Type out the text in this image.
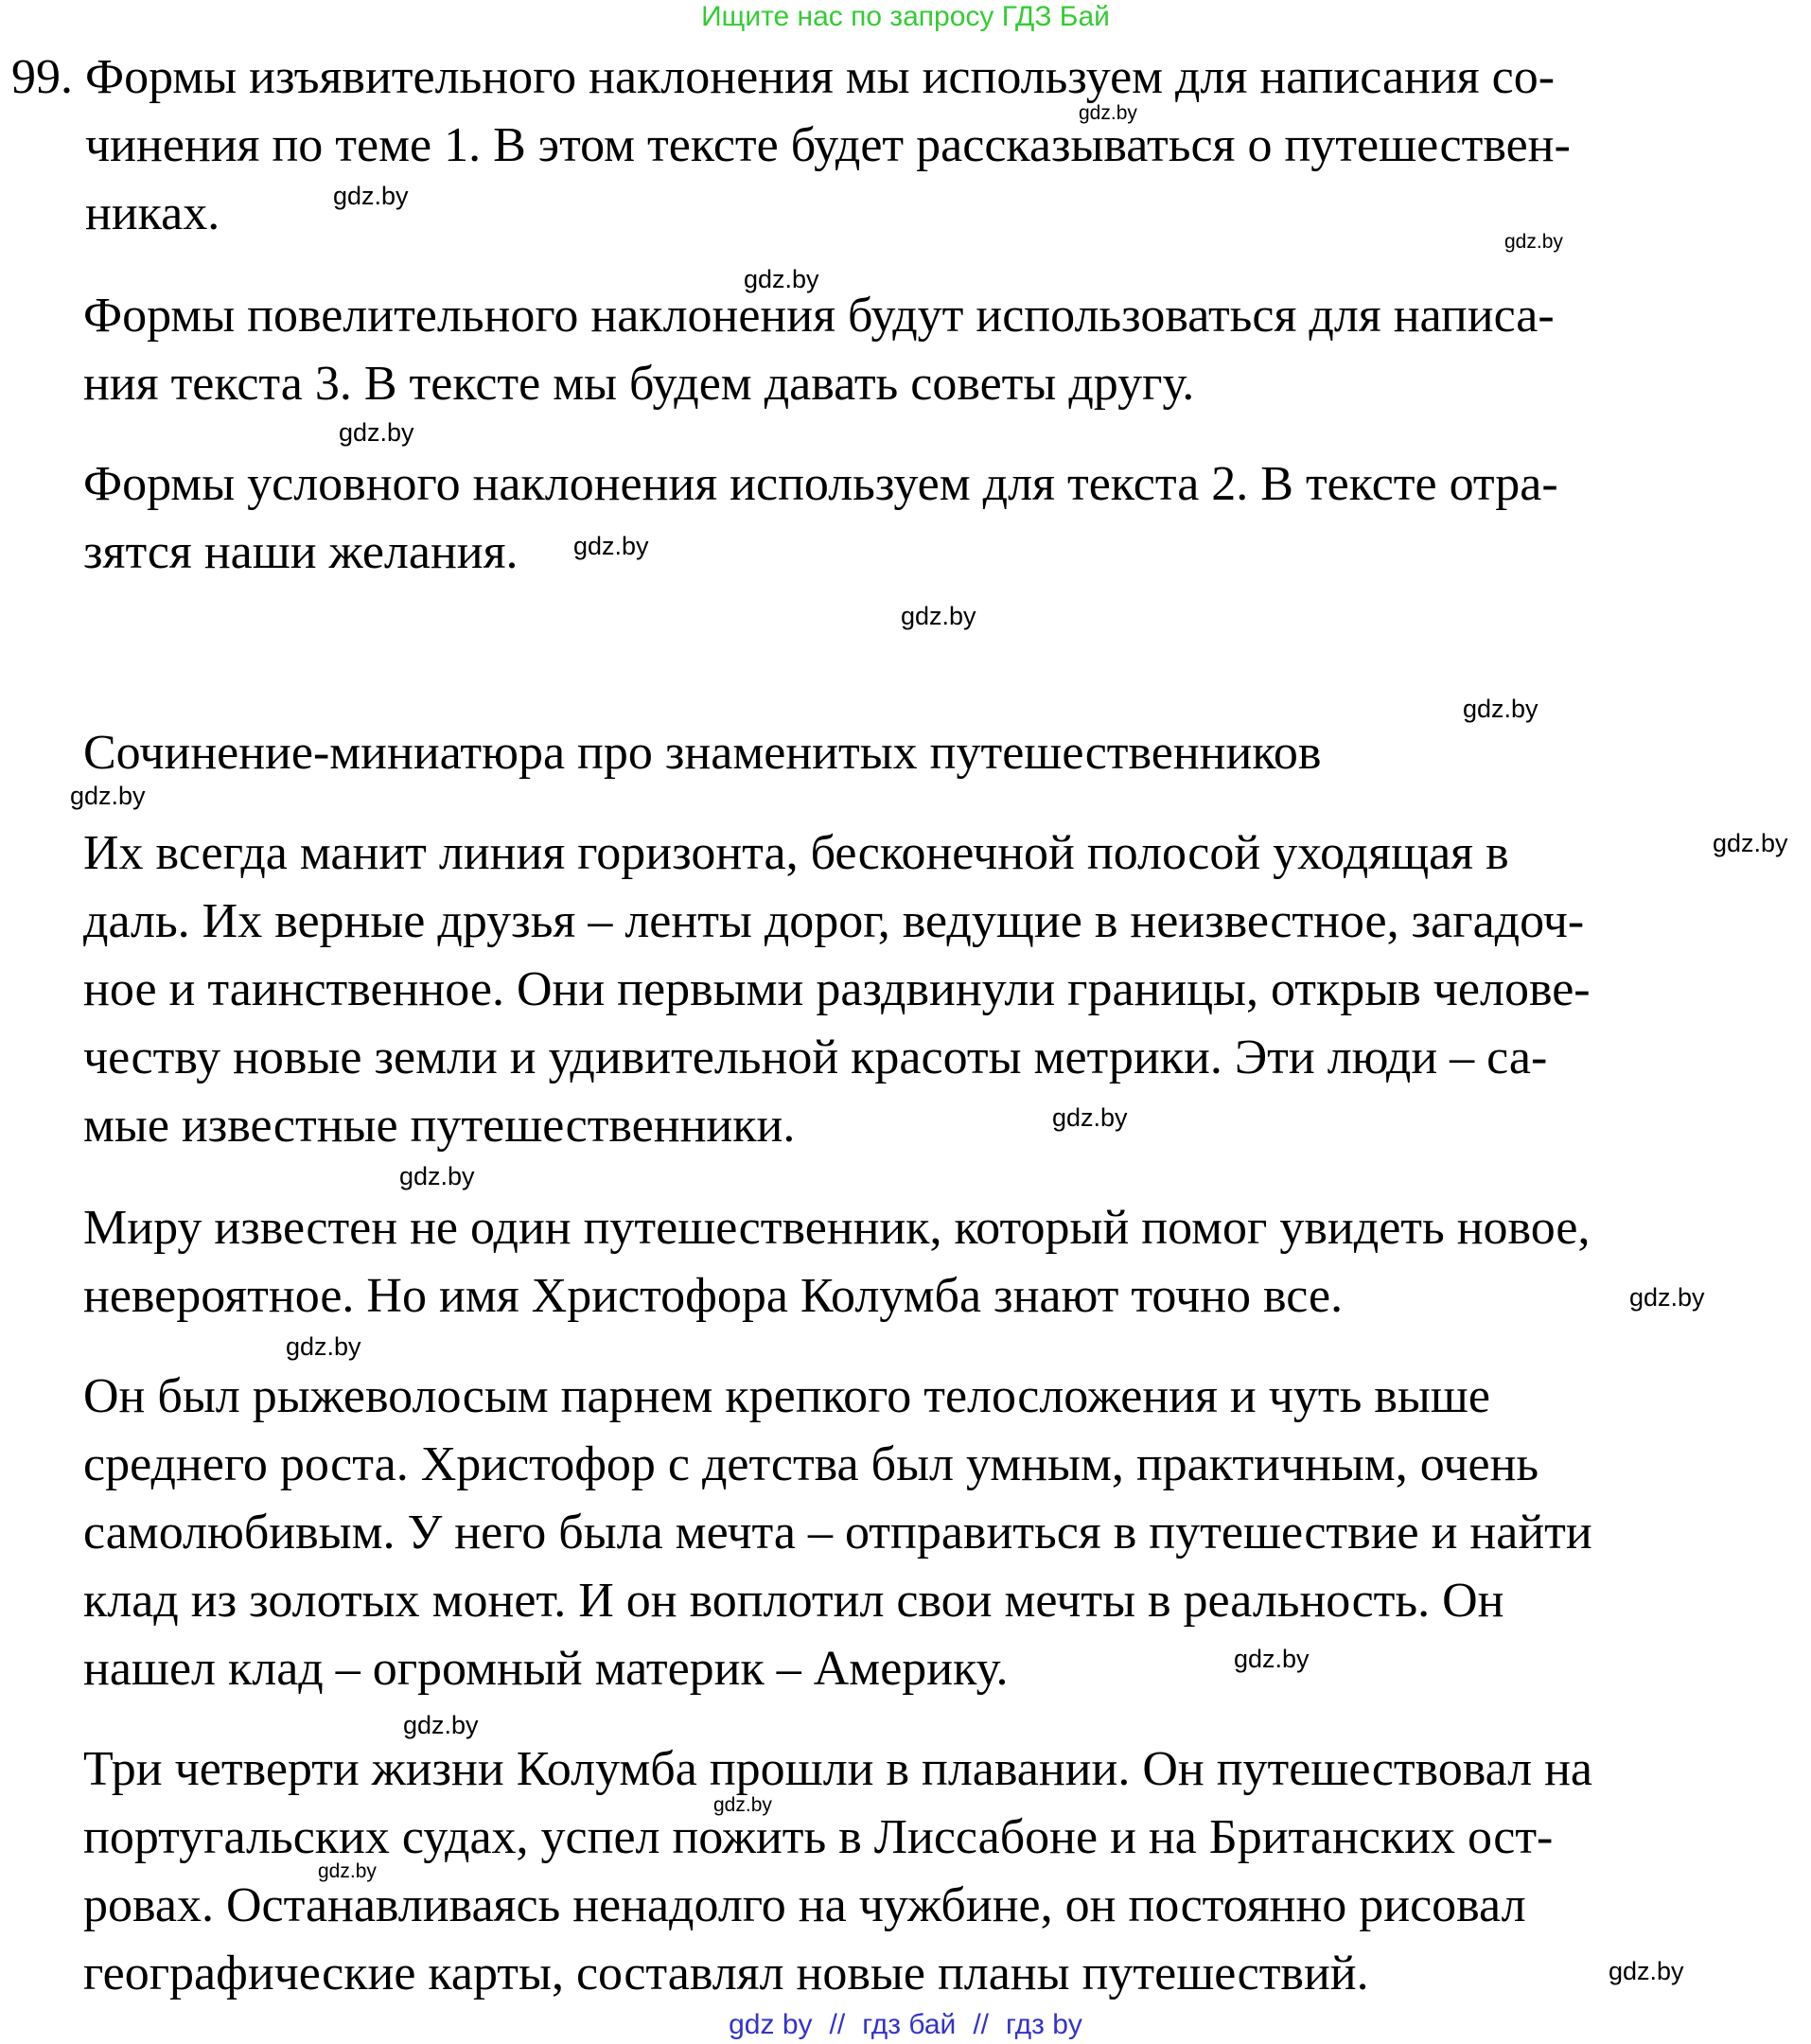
Ищите нас по запросу ГДЗ Бай
99. Формы изъявительного наклонения мы используем для написания со-
чинения по теме 1. В этом тексте будет рассказываться о путешествен-
никах.
Формы повелительного наклонения будут использоваться для написа-
ния текста 3. В тексте мы будем давать советы другу.
Формы условного наклонения используем для текста 2. В тексте отра-
зятся наши желания.
Сочинение-миниатюра про знаменитых путешественников
Их всегда манит линия горизонта, бесконечной полосой уходящая в
даль. Их верные друзья – ленты дорог, ведущие в неизвестное, загадоч-
ное и таинственное. Они первыми раздвинули границы, открыв челове-
честву новые земли и удивительной красоты метрики. Эти люди – са-
мые известные путешественники.
Миру известен не один путешественник, который помог увидеть новое,
невероятное. Но имя Христофора Колумба знают точно все.
Он был рыжеволосым парнем крепкого телосложения и чуть выше
среднего роста. Христофор с детства был умным, практичным, очень
самолюбивым. У него была мечта – отправиться в путешествие и найти
клад из золотых монет. И он воплотил свои мечты в реальность. Он
нашел клад – огромный материк – Америку.
Три четверти жизни Колумба прошли в плавании. Он путешествовал на
португальских судах, успел пожить в Лиссабоне и на Британских ост-
ровах. Останавливаясь ненадолго на чужбине, он постоянно рисовал
географические карты, составлял новые планы путешествий.
gdz.by
gdz.by
gdz.by
gdz.by
gdz.by
gdz.by
gdz.by
gdz.by
gdz.by
gdz.by
gdz.by
gdz.by
gdz.by
gdz.by
gdz.by
gdz.by
gdz.by
gdz.by
gdz.by
gdz by // гдз бай // гдз by
